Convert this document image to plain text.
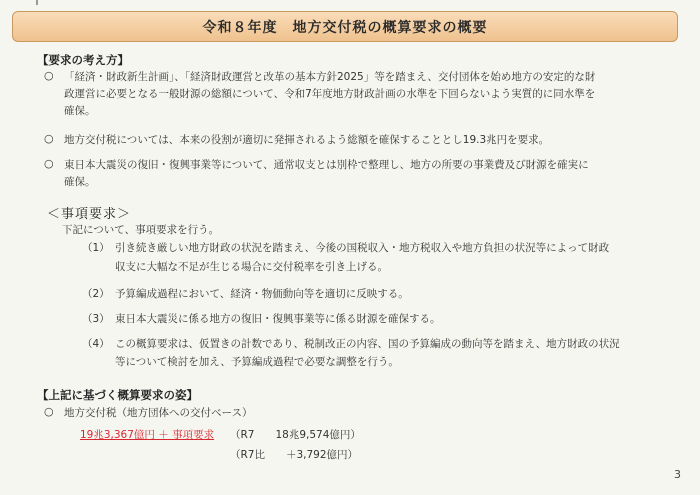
令和８年度　地方交付税の概算要求の概要
【要求の考え方】
○ 「経済・財政新生計画」、「経済財政運営と改革の基本方針2025」等を踏まえ、交付団体を始め地方の安定的な財
政運営に必要となる一般財源の総額について、令和7年度地方財政計画の水準を下回らないよう実質的に同水準を
確保。
○ 地方交付税については、本来の役割が適切に発揮されるよう総額を確保することとし19.3兆円を要求。
○ 東日本大震災の復旧・復興事業等について、通常収支とは別枠で整理し、地方の所要の事業費及び財源を確実に
確保。
＜事項要求＞
下記について、事項要求を行う。
（1） 引き続き厳しい地方財政の状況を踏まえ、今後の国税収入・地方税収入や地方負担の状況等によって財政
収支に大幅な不足が生じる場合に交付税率を引き上げる。
（2） 予算編成過程において、経済・物価動向等を適切に反映する。
（3） 東日本大震災に係る地方の復旧・復興事業等に係る財源を確保する。
（4） この概算要求は、仮置きの計数であり、税制改正の内容、国の予算編成の動向等を踏まえ、地方財政の状況
等について検討を加え、予算編成過程で必要な調整を行う。
【上記に基づく概算要求の姿】
○ 地方交付税（地方団体への交付ベース）
19兆3,367億円 ＋ 事項要求 （R7　　18兆9,574億円）
（R7比　　＋3,792億円）
3
